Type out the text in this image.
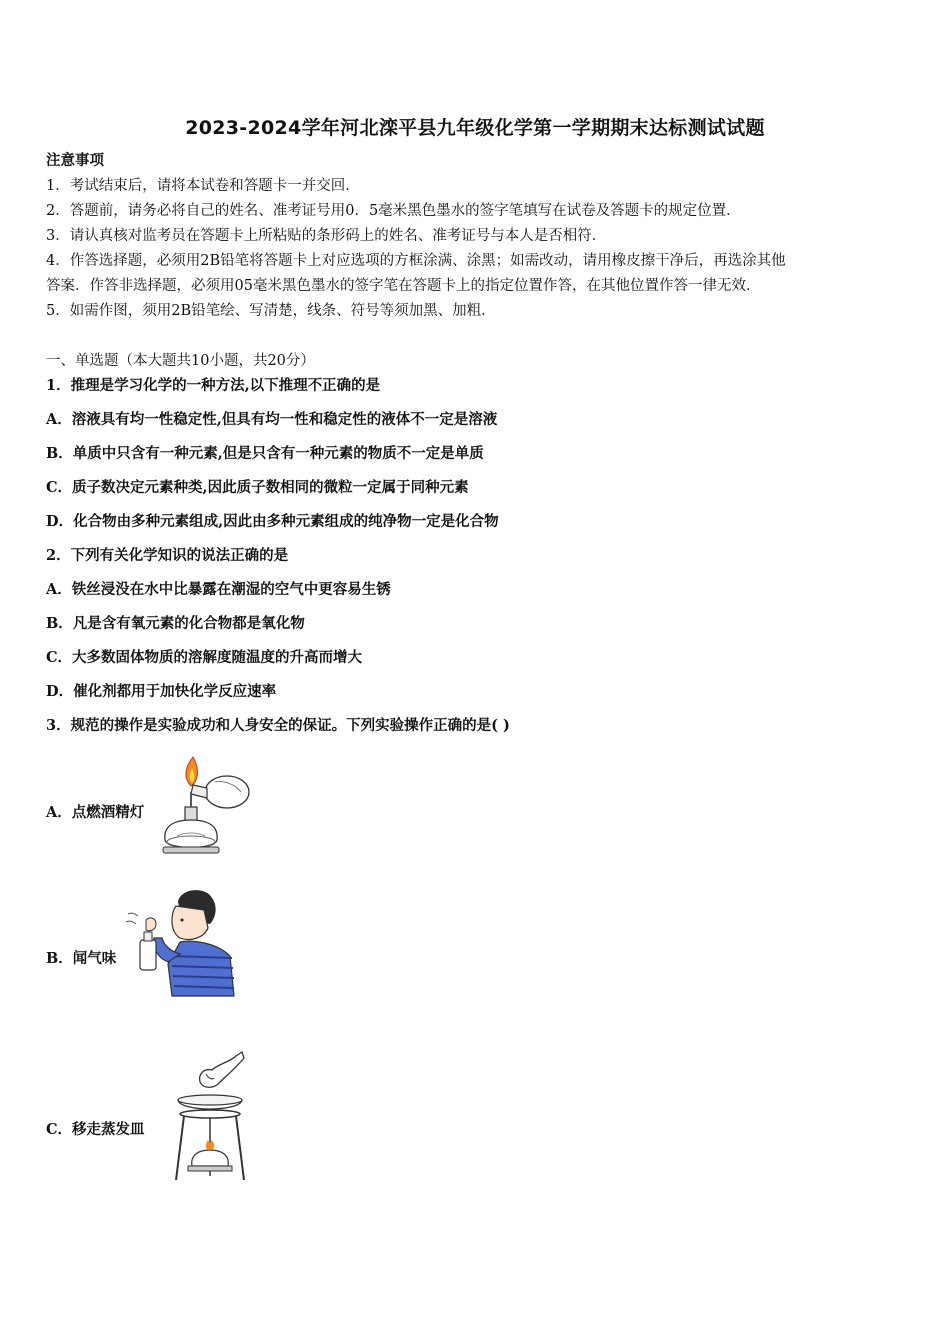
2023-2024学年河北滦平县九年级化学第一学期期末达标测试试题
注意事项
1．考试结束后，请将本试卷和答题卡一并交回．
2．答题前，请务必将自己的姓名、准考证号用0．5毫米黑色墨水的签字笔填写在试卷及答题卡的规定位置．
3．请认真核对监考员在答题卡上所粘贴的条形码上的姓名、准考证号与本人是否相符．
4．作答选择题，必须用2B铅笔将答题卡上对应选项的方框涂满、涂黑；如需改动，请用橡皮擦干净后，再选涂其他
答案．作答非选择题，必须用05毫米黑色墨水的签字笔在答题卡上的指定位置作答，在其他位置作答一律无效．
5．如需作图，须用2B铅笔绘、写清楚，线条、符号等须加黑、加粗．
一、单选题（本大题共10小题，共20分）
1．推理是学习化学的一种方法,以下推理不正确的是
A．溶液具有均一性稳定性,但具有均一性和稳定性的液体不一定是溶液
B．单质中只含有一种元素,但是只含有一种元素的物质不一定是单质
C．质子数决定元素种类,因此质子数相同的微粒一定属于同种元素
D．化合物由多种元素组成,因此由多种元素组成的纯净物一定是化合物
2．下列有关化学知识的说法正确的是
A．铁丝浸没在水中比暴露在潮湿的空气中更容易生锈
B．凡是含有氧元素的化合物都是氧化物
C．大多数固体物质的溶解度随温度的升高而增大
D．催化剂都用于加快化学反应速率
3．规范的操作是实验成功和人身安全的保证。下列实验操作正确的是( )
A．点燃酒精灯
B．闻气味
C．移走蒸发皿
